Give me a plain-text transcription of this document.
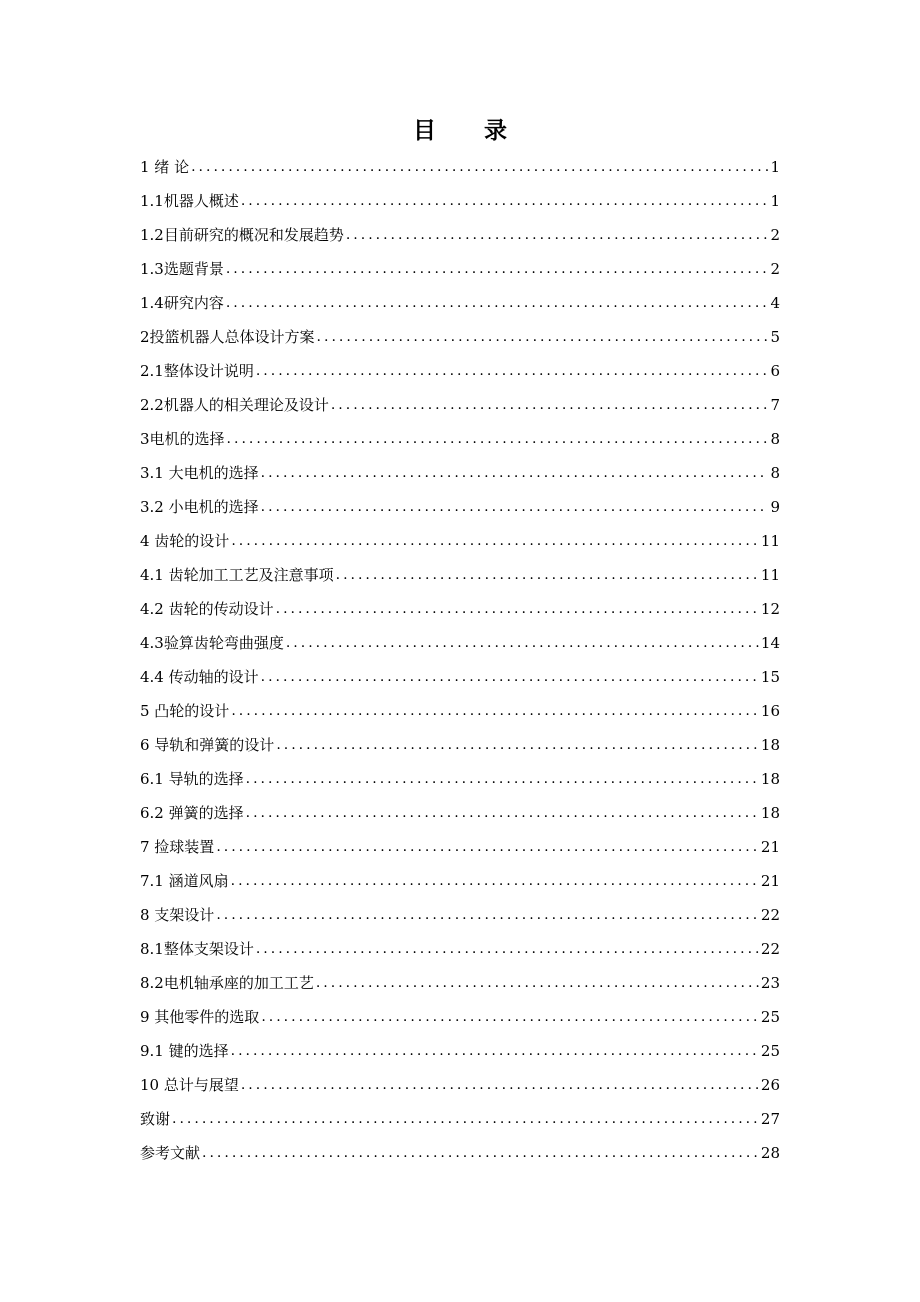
目 录
1 绪 论 .....	1
1.1机器人概述 .....	1
1.2目前研究的概况和发展趋势 .....	2
1.3选题背景 .....	2
1.4研究内容 .....	4
2投篮机器人总体设计方案 .....	5
2.1整体设计说明 .....	6
2.2机器人的相关理论及设计 .....	7
3电机的选择 .....	8
3.1 大电机的选择 .....	8
3.2 小电机的选择 .....	9
4 齿轮的设计 .....	11
4.1 齿轮加工工艺及注意事项 .....	11
4.2 齿轮的传动设计 .....	12
4.3验算齿轮弯曲强度 .....	14
4.4 传动轴的设计 .....	15
5 凸轮的设计 .....	16
6 导轨和弹簧的设计 .....	18
6.1 导轨的选择 .....	18
6.2 弹簧的选择 .....	18
7 捡球装置 .....	21
7.1 涵道风扇 .....	21
8 支架设计 .....	22
8.1整体支架设计 .....	22
8.2电机轴承座的加工工艺 .....	23
9 其他零件的选取 .....	25
9.1 键的选择 .....	25
10 总计与展望 .....	26
致谢 .....	27
参考文献 .....	28
